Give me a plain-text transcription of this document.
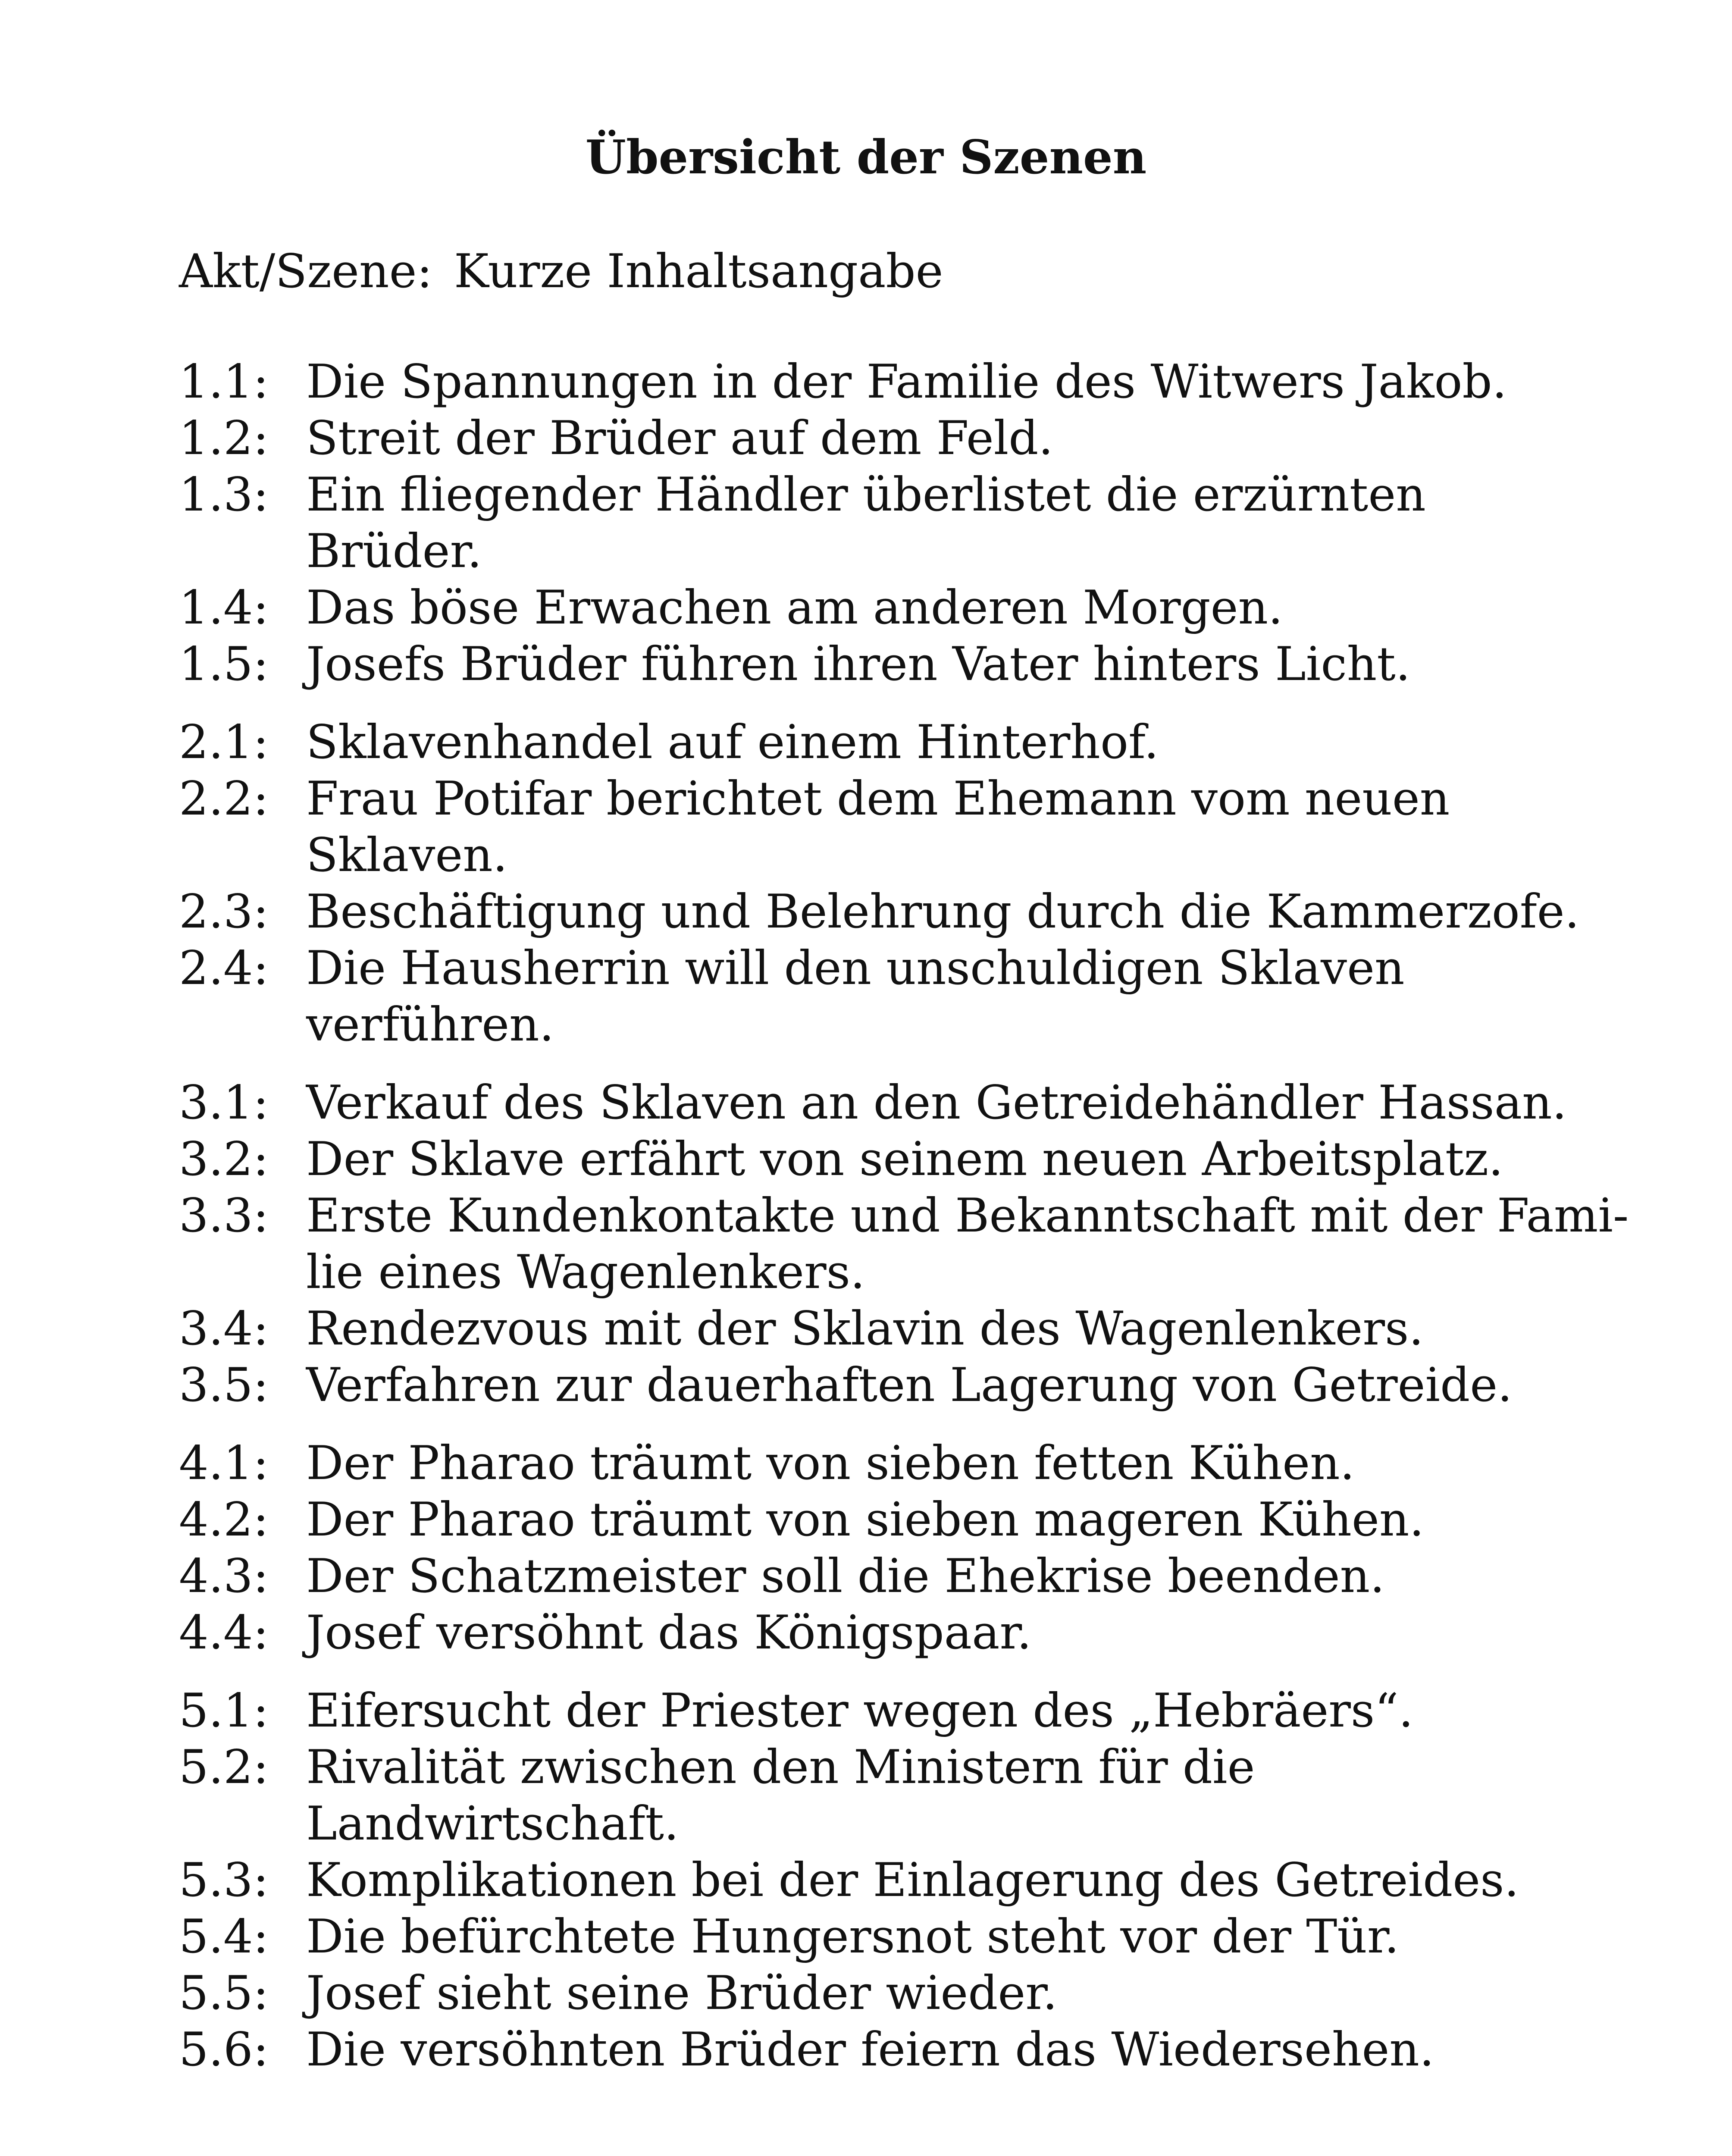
Übersicht der Szenen
Akt/Szene: Kurze Inhaltsangabe
1.1: Die Spannungen in der Familie des Witwers Jakob.
1.2: Streit der Brüder auf dem Feld.
1.3: Ein fliegender Händler überlistet die erzürnten Brüder.
1.4: Das böse Erwachen am anderen Morgen.
1.5: Josefs Brüder führen ihren Vater hinters Licht.
2.1: Sklavenhandel auf einem Hinterhof.
2.2: Frau Potifar berichtet dem Ehemann vom neuen Sklaven.
2.3: Beschäftigung und Belehrung durch die Kammerzofe.
2.4: Die Hausherrin will den unschuldigen Sklaven verführen.
3.1: Verkauf des Sklaven an den Getreidehändler Hassan.
3.2: Der Sklave erfährt von seinem neuen Arbeitsplatz.
3.3: Erste Kundenkontakte und Bekanntschaft mit der Fami-
lie eines Wagenlenkers.
3.4: Rendezvous mit der Sklavin des Wagenlenkers.
3.5: Verfahren zur dauerhaften Lagerung von Getreide.
4.1: Der Pharao träumt von sieben fetten Kühen.
4.2: Der Pharao träumt von sieben mageren Kühen.
4.3: Der Schatzmeister soll die Ehekrise beenden.
4.4: Josef versöhnt das Königspaar.
5.1: Eifersucht der Priester wegen des „Hebräers“.
5.2: Rivalität zwischen den Ministern für die Landwirtschaft.
5.3: Komplikationen bei der Einlagerung des Getreides.
5.4: Die befürchtete Hungersnot steht vor der Tür.
5.5: Josef sieht seine Brüder wieder.
5.6: Die versöhnten Brüder feiern das Wiedersehen.
